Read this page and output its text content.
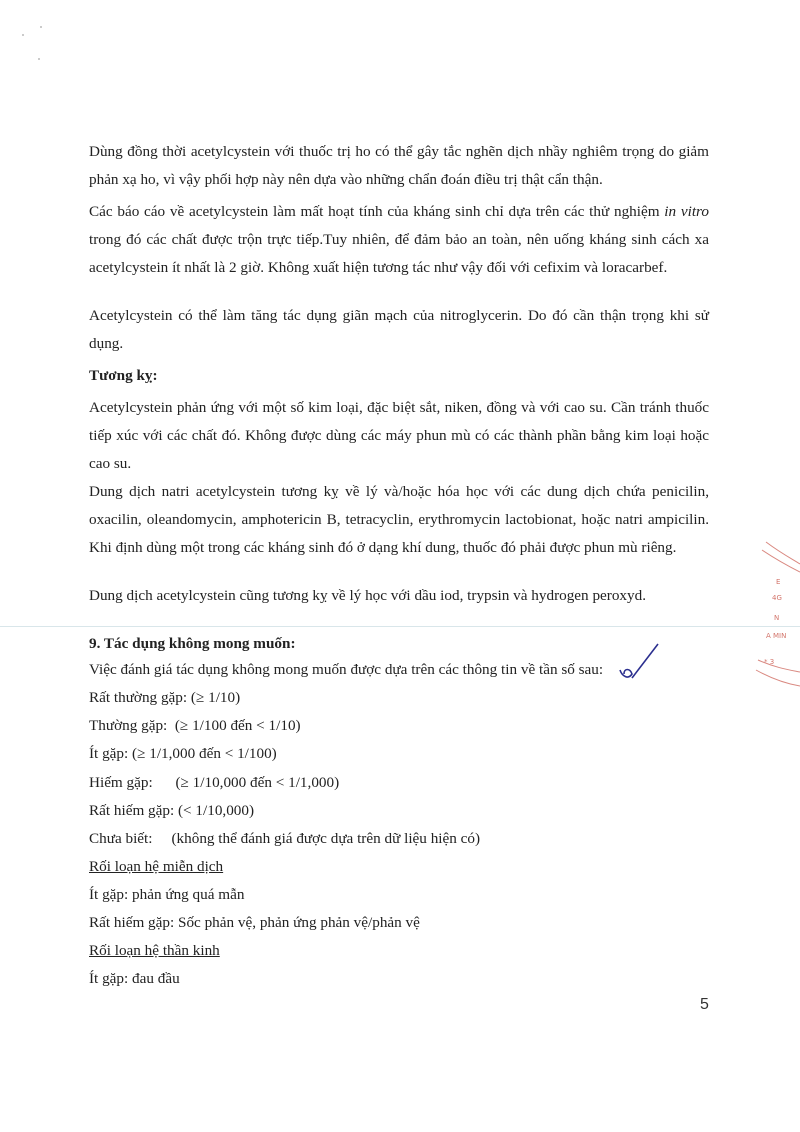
Dùng đồng thời acetylcystein với thuốc trị ho có thể gây tắc nghẽn dịch nhầy nghiêm trọng do giảm phản xạ ho, vì vậy phối hợp này nên dựa vào những chẩn đoán điều trị thật cẩn thận.
Các báo cáo về acetylcystein làm mất hoạt tính của kháng sinh chỉ dựa trên các thử nghiệm in vitro trong đó các chất được trộn trực tiếp.Tuy nhiên, để đảm bảo an toàn, nên uống kháng sinh cách xa acetylcystein ít nhất là 2 giờ. Không xuất hiện tương tác như vậy đối với cefixim và loracarbef.
Acetylcystein có thể làm tăng tác dụng giãn mạch của nitroglycerin. Do đó cần thận trọng khi sử dụng.
Tương kỵ:
Acetylcystein phản ứng với một số kim loại, đặc biệt sắt, niken, đồng và với cao su. Cần tránh thuốc tiếp xúc với các chất đó. Không được dùng các máy phun mù có các thành phần bằng kim loại hoặc cao su.
Dung dịch natri acetylcystein tương kỵ về lý và/hoặc hóa học với các dung dịch chứa penicilin, oxacilin, oleandomycin, amphotericin B, tetracyclin, erythromycin lactobionat, hoặc natri ampicilin. Khi định dùng một trong các kháng sinh đó ở dạng khí dung, thuốc đó phải được phun mù riêng.
Dung dịch acetylcystein cũng tương kỵ về lý học với dầu iod, trypsin và hydrogen peroxyd.
9. Tác dụng không mong muốn:
Việc đánh giá tác dụng không mong muốn được dựa trên các thông tin về tần số sau:
Rất thường gặp: (≥ 1/10)
Thường gặp: (≥ 1/100 đến < 1/10)
Ít gặp: (≥ 1/1,000 đến < 1/100)
Hiếm gặp: (≥ 1/10,000 đến < 1/1,000)
Rất hiếm gặp: (< 1/10,000)
Chưa biết: (không thể đánh giá được dựa trên dữ liệu hiện có)
Rối loạn hệ miễn dịch
Ít gặp: phản ứng quá mẫn
Rất hiếm gặp: Sốc phản vệ, phản ứng phản vệ/phản vệ
Rối loạn hệ thần kinh
Ít gặp: đau đầu
5
E
4G
N
A MIN
* 3
